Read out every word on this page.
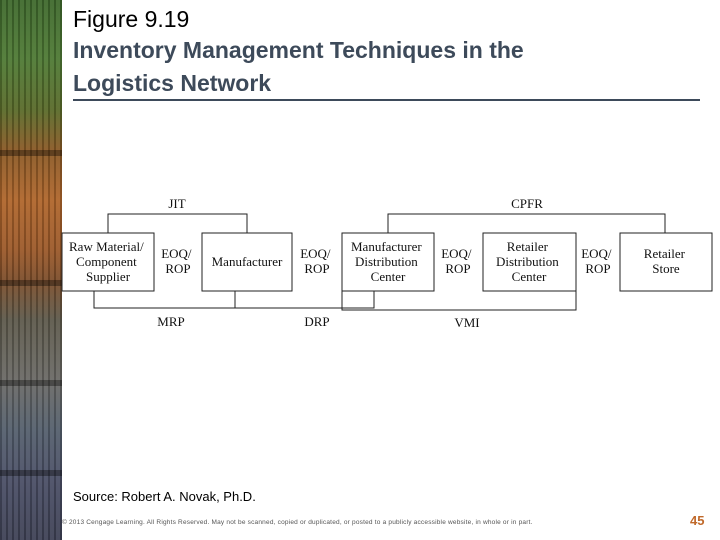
Figure 9.19
Inventory Management Techniques in the
Logistics Network
JIT	CPFR
MRP	DRP	VMI
Raw Material/ Component Supplier
EOQ/ ROP	Manufacturer
EOQ/ ROP
Manufacturer Distribution Center
EOQ/ ROP
Retailer Distribution Center
EOQ/ ROP
Retailer Store
Source: Robert A. Novak, Ph.D.
© 2013 Cengage Learning. All Rights Reserved. May not be scanned, copied or duplicated, or posted to a publicly accessible website, in whole or in part.	45
